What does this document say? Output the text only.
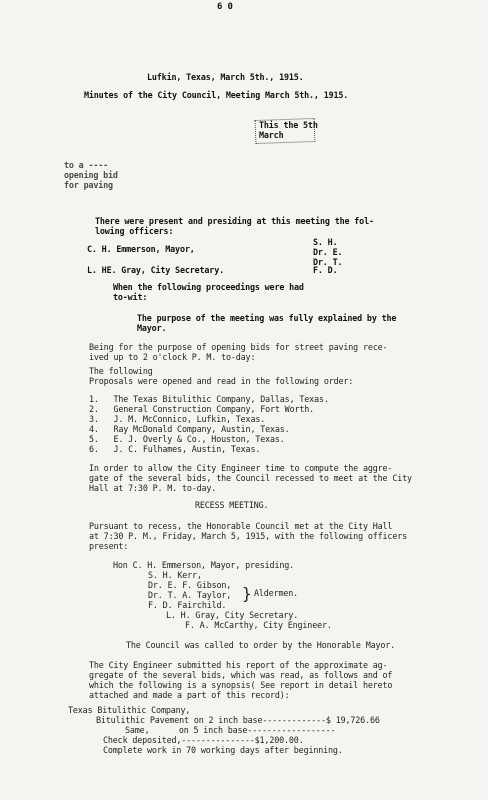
6 0
Lufkin, Texas, March 5th., 1915.
Minutes of the City Council, Meeting March 5th., 1915.
This the 5th
March
to a ----
opening bid
for paving
There were present and presiding at this meeting the fol-
lowing officers:
C. H. Emmerson, Mayor,
S. H.
Dr. E.
Dr. T.
L. HE. Gray, City Secretary.	F. D.
When the following proceedings were had
to-wit:
The purpose of the meeting was fully explained by the
Mayor.
Being for the purpose of opening bids for street paving rece-
ived up to 2 o'clock P. M. to-day:
The following
Proposals were opened and read in the following order:
1.   The Texas Bitulithic Company, Dallas, Texas.
2.   General Construction Company, Fort Worth.
3.   J. M. McConnico, Lufkin, Texas.
4.   Ray McDonald Company, Austin, Texas.
5.   E. J. Overly & Co., Houston, Texas.
6.   J. C. Fulhames, Austin, Texas.
In order to allow the City Engineer time to compute the aggre-
gate of the several bids, the Council recessed to meet at the City
Hall at 7:30 P. M. to-day.
RECESS MEETING.
Pursuant to recess, the Honorable Council met at the City Hall
at 7:30 P. M., Friday, March 5, 1915, with the following officers
present:
Hon C. H. Emmerson, Mayor, presiding.
S. H. Kerr,
Dr. E. F. Gibson,
Dr. T. A. Taylor,
F. D. Fairchild.
} Aldermen.
L. H. Gray, City Secretary.
F. A. McCarthy, City Engineer.
The Council was called to order by the Honorable Mayor.
The City Engineer submitted his report of the approximate ag-
gregate of the several bids, which was read, as follows and of
which the following is a synopsis( See report in detail hereto
attached and made a part of this record):
Texas Bitulithic Company,
Bitulithic Pavement on 2 inch base-------------$ 19,726.66
Same,      on 5 inch base------------------
Check deposited,---------------$1,200.00.
Complete work in 70 working days after beginning.
